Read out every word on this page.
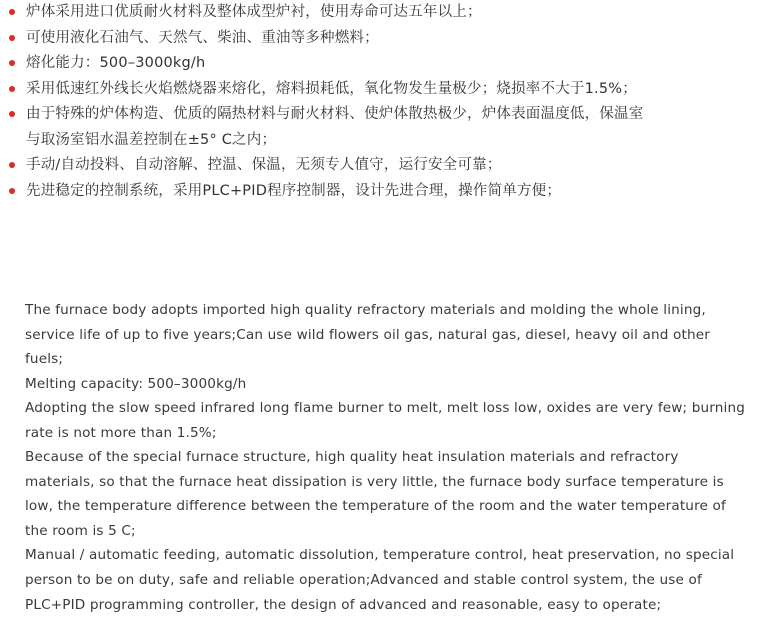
炉体采用进口优质耐火材料及整体成型炉衬，使用寿命可达五年以上；
可使用液化石油气、天然气、柴油、重油等多种燃料；
熔化能力：500–3000kg/h
采用低速红外线长火焰燃烧器来熔化，熔料损耗低，氧化物发生量极少；烧损率不大于1.5%；
由于特殊的炉体构造、优质的隔热材料与耐火材料、使炉体散热极少，炉体表面温度低，保温室
与取汤室铝水温差控制在±5° C之内；
手动/自动投料、自动溶解、控温、保温，无须专人值守，运行安全可靠；
先进稳定的控制系统，采用PLC+PID程序控制器，设计先进合理，操作简单方便；
The furnace body adopts imported high quality refractory materials and molding the whole lining,
service life of up to five years;Can use wild flowers oil gas, natural gas, diesel, heavy oil and other
fuels;
Melting capacity: 500–3000kg/h
Adopting the slow speed infrared long flame burner to melt, melt loss low, oxides are very few; burning
rate is not more than 1.5%;
Because of the special furnace structure, high quality heat insulation materials and refractory
materials, so that the furnace heat dissipation is very little, the furnace body surface temperature is
low, the temperature difference between the temperature of the room and the water temperature of
the room is 5 C;
Manual / automatic feeding, automatic dissolution, temperature control, heat preservation, no special
person to be on duty, safe and reliable operation;Advanced and stable control system, the use of
PLC+PID programming controller, the design of advanced and reasonable, easy to operate;
